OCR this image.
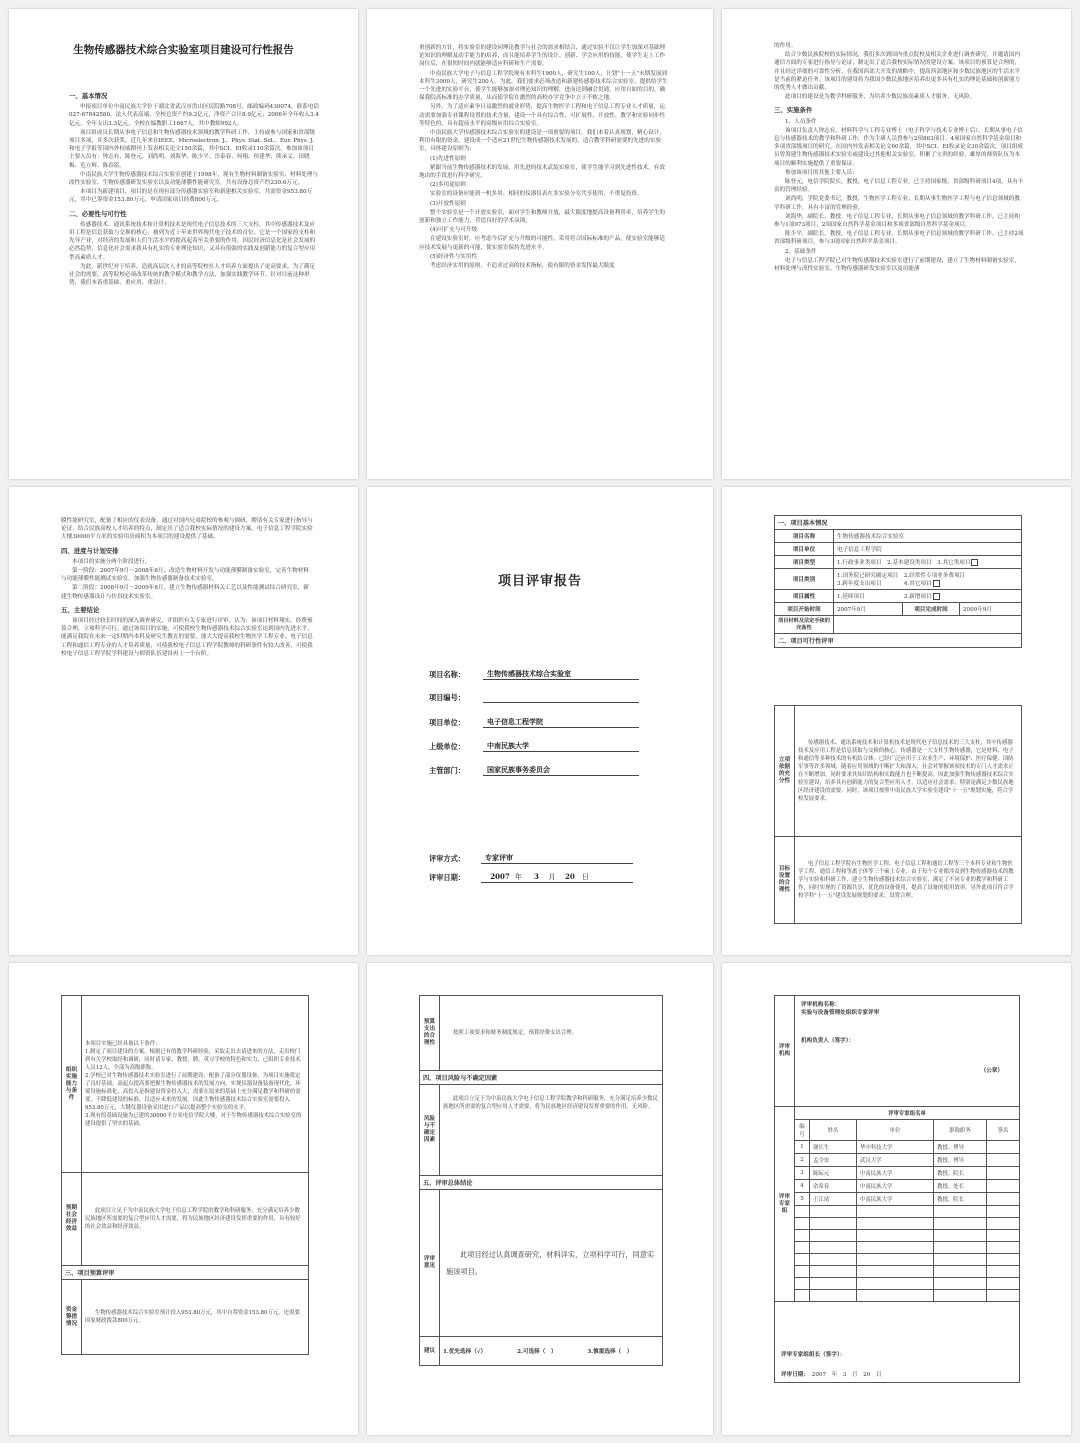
生物传感器技术综合实验室项目建设可行性报告
一、基本情况

申报项目单位中南民族大学位于湖北省武汉市洪山区民院路708号，邮政编码430074，联系电话027-67842580，法人代表高端，全校总资产约9.2亿元，净资产合计8.9亿元；2006年全年收入3.4亿元，全年支出3.3亿元，全校在编教职工1667人，其中教师992人。

项目组成员长期从事电子信息和生物传感器技术领域的教学科研工作，主持或参与国家和省部级项目多项，并多次获奖。近几年来在IEEE、Microelectron. J.、Phys. Stat. Sol.、Eur. Phys. J.和电子学报等国内外权威期刊上发表相关论文150余篇，其中SCI、EI收录110余篇次。参加该项目主要人员有：钟志有、陈登元、刘尚明、刘海华、陈少平、岳泰春、何翔、侯建华、熊承义、田晓梅、危立辉、陈春铭。

中南民族大学生物传感器技术综合实验室创建于1998年，现有生物材料制备实验室、材料处理与改性实验室、生物传感器研发实验室以及功能薄膜性能研究室，共有设备总资产约230.6万元。

本项目为新建项目，项目的是在现有部分传感器实验室和新建相关实验室，共需资金953.80万元，其中已筹资金153.80万元，申请国家项目经费800万元。

二、必要性与可行性

传感器技术、通讯系统技术和计算机技术是现代电子信息技术的三大支柱，其中传感器技术及应用工程是信息获取与交换的核心，被列为近十年来世界现代电子技术的首位。它是一个国家的支柱和先导产业，对经济的发展和人们生活水平的提高起着至关重要的作用，因民经济信息化是社会发展的必然趋势，信息化社会需求我具有扎实的专业理论知识，又具有很强的实践及创新能力的复合型应用型高素质人才。

为此，新世纪对于培养、造就高层次人才的高等院校在人才培养方面提出了更高要求。为了满足社会的需要，高等院校必须改革传统的教学模式和教学方法，加强实践教学环节。针对目前这种形势，我们本着重基础、重应用、重设计、

重创新的方针，将实验室的建设同理论教学与社会的需求相结合，通过实验不仅让学生加深对基础理论知识的理解及动手能力的培养，而且能培养学生的设计、创新、学会应用的技能，使学生走上工作岗位后，在很短时间内就能够适应科研和生产需要。

中南民族大学电子与信息工程学院现有本科生1900人，研究生100人，计划"十一五"末期发展到本科生3000人，研究生200人。为此，我们要求必须改造和新建传感器技术综合实验室，提供给学生一个先进的实验平台，使学生能够加深对理论知识的理解，进而达到融会贯通，应用自如的目的，确保我院高标准的办学质量，从而使学院在激烈的高校办学竞争中立于不败之地。

另外，为了适应素争日益激烈的就业形势，提高生物医学工程和电子信息工程专业人才质量，运动需要加强专业课程设置的技术含量，建设一个具有综合性、可扩展性、开放性、教学和实验同步性等特色的，具有超前水平的高级应用综合实验室。

中南民族大学传感器技术综合实验室的建设是一项重要的项目，我们本着认真规划，精心设计，利用有限的资金，建设成一个适应21世纪生物传感器技术发展的，适合教学科研需要的先进的实验室，具体建设原则为：

(1)先进性原则

紧跟当前生物传感器技术的发展，用先进的技术武装实验室，使学生能学习到先进性技术，有效地由的手段进行科学研究。

(2)多用途原则

实验室的设备应能到一机多用、相同的仪器仪表在多实验分室共享使用，不重复投资。

(3)开放性原则

整个实验室是一个开放实验室，面对学生和教师开放，最大限度地提高设备利用率，培养学生的创新和独立工作能力，营造良好的学术氛围。

(4)可扩充与可升级

在建设实验室时，应考虑今后扩充与升级的可能性，采用符合国际标准的产品，使实验室能够适应技术发展与更新的可能，使实验室保持先进水平。

(5)经济性与实用性

考虑经济实用的原则，不追求过高的技术指标，使有限的资金发挥最大限度

的作用。

结合少数民族院校的实际情况，我们多次到国内重点院校及相关企业进行调查研究，并邀请国内通信方面的专家进行指导与论证，制定出了适合我校实际情况的建设方案。该项目的预算是合理的，并且经过详细的可靠性分析。在我国西部大开发的战略中，提高西部地区和少数民族地区的生活水平是当前的紧迫任务。该项目的建设将为我国少数民族地区培养出更多具有扎实的理论基础和创新能力的优秀人才做出贡献。

此项目的建设是为教学科研服务，为培养少数民族高素质人才服务，无风险。

三、实施条件

1、人员条件

该项目负责人钟志有，材料科学与工程专业博士（电子科学与技术专业博士后），长期从事电子信息与传感器技术的教学和科研工作，作为主研人员曾参与2项863项目、4项国家自然科学基金项目和多项省部级项目的研究，在国内外发表相关论文60余篇，其中SCI、EI收录论文30余篇次，项目组成员曾筹建生物传感器技术实验室或建设过其他相关实验室，积累了宝贵的经验，雄厚的师资队伍为本项目的顺利实施提供了重要保证。

参加该项目的其他主要人员：

陈登元，电信学院院长，教授，电子信息工程专业，已主持国家级、省部级科研项目4项，具有丰富的管理经验。

刘尚明，学院党委书记，教授，生物医学工程专业，长期从事生物医学工程与电子信息领域的教学科研工作，具有丰富的管理经验。

刘海华，副院长，教授，电子信息工程专业，长期从事电子信息领域的教学科研工作，已主持和参与1项973项目，2项国家自然科学基金项目和多项省部级自然科学基金项目。

陈少平，副院长，教授，电子信息工程专业，长期从事电子信息领域的教学科研工作，已主持2项省部级科研项目，参与3项国家自然科学基金项目。

2、基础条件

电子与信息工程学院已对生物传感器技术实验室进行了前期建设，建立了生物材料制备实验室，材料处理与改性实验室、生物传感器研发实验室以及功能薄

膜性能研究室，配备了相应的仪表设备。通过对国内兄弟院校的参观与调研，聘请有关专家进行指导与论证，结合民族高校人才培养的特点，制定出了适合我校实际情况的建设方案。电子信息工程学院实验大楼30000平方米的实验用房面积为本项目的建设提供了基础。

四、进度与计划安排

本项目的实施分两个阶段进行。

第一阶段：2007年9月～2008年8月，改造生物材料开发与功能薄膜制备实验室，完善生物材料与功能薄膜性能测试实验室，加强生物传感器制备技术实验室。

第二阶段：2008年9月～2009年8月，建立生物传感器材料关工艺以及性能测试综合研究室，新建生物传感器设计与仿真技术实验室。

五、主要结论

该项目经过较长时间的深入调查研究，并组织有关专家进行评审，认为：该项目材料翔实，经费预算合理，立项科学可行。通过该项目的实施，可使我校生物传感器技术综合实验室达到国内先进水平，能满足我院在未来一定时期内本科及研究生教育的需要，能大大提高我校生物医学工程专业、电子信息工程和通信工程专业的人才培养质量，可使我校电子信息工程学院教师的科研条件有较大改善，可使我校电子信息工程学院学科建设与师资队伍建设再上一个台阶。

项目评审报告
项目名称：	生物传感器技术综合实验室
项目编号：
项目单位：	电子信息工程学院
上级单位：	中南民族大学
主管部门：	国家民族事务委员会
评审方式：	专家评审
评审日期：	2007 年 3 月 20 日
一、项目基本情况			
项目名称	生物传感器技术综合实验室		
项目单位	电子信息工程学院		
项目类型	1.行政事业类项目　2.基本建设类项目　3.其它类项目		
项目类别	1.国务院已研究确定项目　2.经常性专项业务费项目
3.跨年度支出项目　　　　4.其它项目		

项目属性	1.延续项目　　　　　　　2.新增项目		
项目开始时间	2007年9月	项目完成时间	2009年9月
项目材料及法定手续的完备性			
二、项目可行性评审			
立项依据的充分性	传感器技术、通讯系统技术和计算机技术是现代电子信息技术的三大支柱，其中传感器技术及应用工程是信息获取与交换的核心。传感器是一大支柱生物传感器，它是材料、电子和通信等多种技术的有机结合体。已经广泛应用于工农业生产、环境保护、医疗保健、国防军事等许多领域，随着应用领域的不断扩大和深入，社会对掌握该项技术的专门人才需求正在不断增加，同时要求其知识结构和实践能力也不断提高。因此加强生物传感器技术综合实验室建设，培养具有创新能力的复合型应用人才，以适应社会需求，特别是满足少数民族地区经济建设的需要。同时，该项目按照中南民族大学实验室建设"十一五"规划实施，符合学校发展要求。
目标设置的合理性	电子信息工程学院有生物医学工程、电子信息工程和通信工程等三个本科专业和生物医学工程、通信工程和等离子体等三个硕士专业，由于每个专业都涉及到生物传感器技术的教学与实验和科研工作，建立生物传感器技术综合实验室，满足了不同专业的教学和科研工作，同时实现的了资源共享，优化的设备使用，提高了设备的使用效率。另外此项目符合学校学科"十一五"建设发展规划的要求，设置合理。
组织实施能力与条件	本项目实施已经具备以下条件：
1.制定了项目建设的方案。根据已有的教学科研经验，采取走出去请进来的方法，走出校门到有关学校取经和调研，同时请专家、教授，聘、英豆学校的特色和实力，已组织专业技术人员12人，全部为高级职称。
2.学校已对生物传感器技术实验室进行了前期建设，配备了部分仪器设备，为项目实施奠定了良好基础。高起点提高要把握生物传感器技术的发展方向，实现仪器设备装备现代化，环境设施标准化，高投入是指建设资金投入大，需要在原来的基础上充分满足教学和科研的需要，不降低建设的标准，以适应未来的发展。因此生物传感器技术综合实验室需要投入953.80万元，大键仪器设备采用进口产品以提高整个实验室的水平。
3.现有的基础设施为已建的30000平方米电信学院大楼，对于生物传感器技术综合实验室的建设提供了坚实的基础。
预期社会经济效益	此项目立足于为中南民族大学电子信息工程学院的教学和科研服务，充分满足培养少数民族地区所需要的复合型应用人才需要，将为民族地区经济建设发挥重要的作用，具有较好的社会效益和经济效益。
三、项目预算评审	
资金筹措情况	生物传感器技术综合实验室预计投入953.80万元，其中自筹资金153.80万元，还需要国家财政拨款800万元。
预算支出的合理性	按照工项要求和财务制度规定，预算经费支出合理。		
四、项目风险与不确定因素			
风险与不确定因素	此项目立足于为中南民族大学电子信息工程学院教学和科研服务，充分满足培养少数民族地区所需要的复合型应用人才需要，将为民族地区经济建设发挥重要的作用。无风险。		
五、评审总体结论			
评审意见	此项目经过认真调查研究，材料详实，立项科学可行，同意实施该项目。		
建议	1.优先选择（√）	2.可选择（　）	3.慎重选择（　）
评审机构	
评审机构名称：
实验与设备管理处组织专家评审
机构负责人（签字）：
（公章）

评审专家组	
评审专家组名单
编号	姓名	单位	职称职务	签名
1	谢长生	华中科技大学	教授、博导	
2	孟令安	武汉大学	教授、博导	
3	陈际元	中南民族大学	教授、院长	
4	余希春	中南民族大学	教授、处长	
5	王江靖	中南民族大学	教授、院长	

评审专家组组长（签字）：
评审日期：　 2007　年　3　月　20　日
